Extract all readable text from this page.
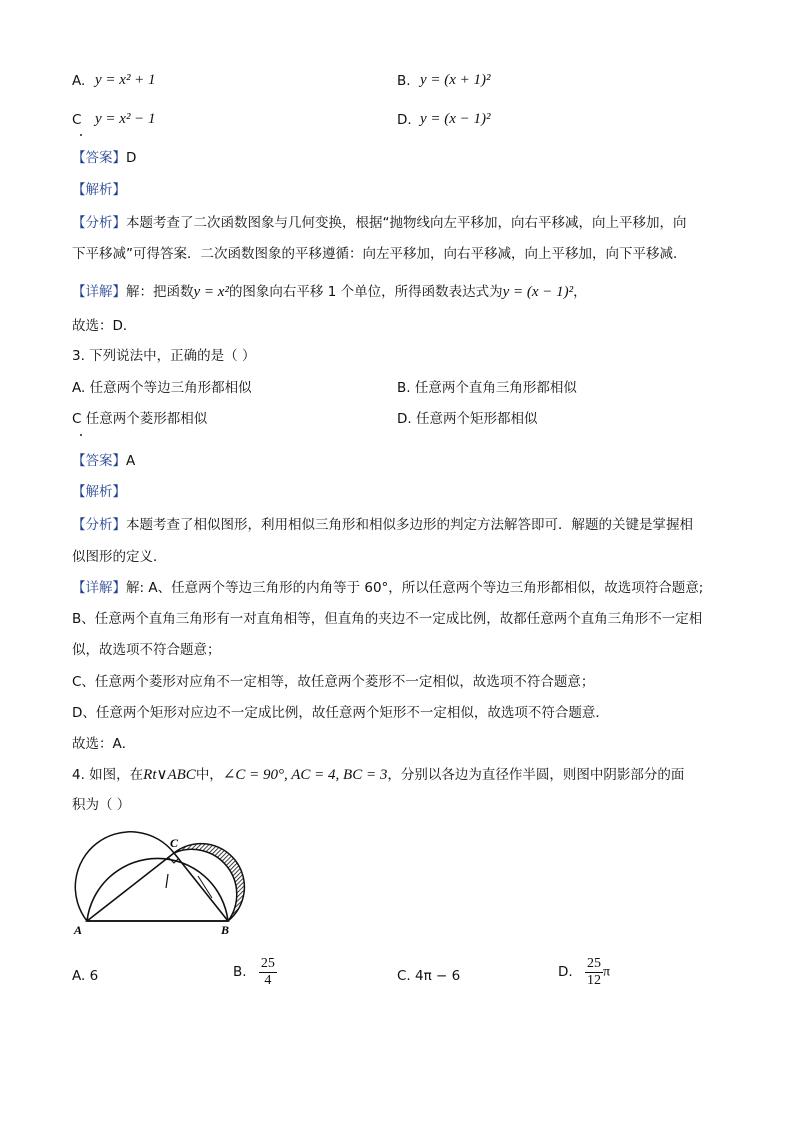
A. y = x² + 1	B. y = (x + 1)²
C y = x² − 1	D. y = (x − 1)²
【答案】D
【解析】
【分析】本题考查了二次函数图象与几何变换，根据“抛物线向左平移加，向右平移减，向上平移加，向
下平移减”可得答案．二次函数图象的平移遵循：向左平移加，向右平移减，向上平移加，向下平移减．
【详解】解：把函数y = x²的图象向右平移 1 个单位，所得函数表达式为y = (x − 1)²，
故选：D．
3. 下列说法中，正确的是（ ）
A. 任意两个等边三角形都相似	B. 任意两个直角三角形都相似
C 任意两个菱形都相似	D. 任意两个矩形都相似
【答案】A
【解析】
【分析】本题考查了相似图形，利用相似三角形和相似多边形的判定方法解答即可．解题的关键是掌握相
似图形的定义．
【详解】解: A、任意两个等边三角形的内角等于 60°，所以任意两个等边三角形都相似，故选项符合题意;
B、任意两个直角三角形有一对直角相等，但直角的夹边不一定成比例，故都任意两个直角三角形不一定相
似，故选项不符合题意；
C、任意两个菱形对应角不一定相等，故任意两个菱形不一定相似，故选项不符合题意；
D、任意两个矩形对应边不一定成比例，故任意两个矩形不一定相似，故选项不符合题意．
故选：A．
4. 如图，在Rt∨ABC中，∠C = 90°, AC = 4, BC = 3，分别以各边为直径作半圆，则图中阴影部分的面
积为（ ）
A	B
C
A. 6	B. $\frac{25}{4}$	C. 4π − 6	D. $\frac{25}{12}$ π
